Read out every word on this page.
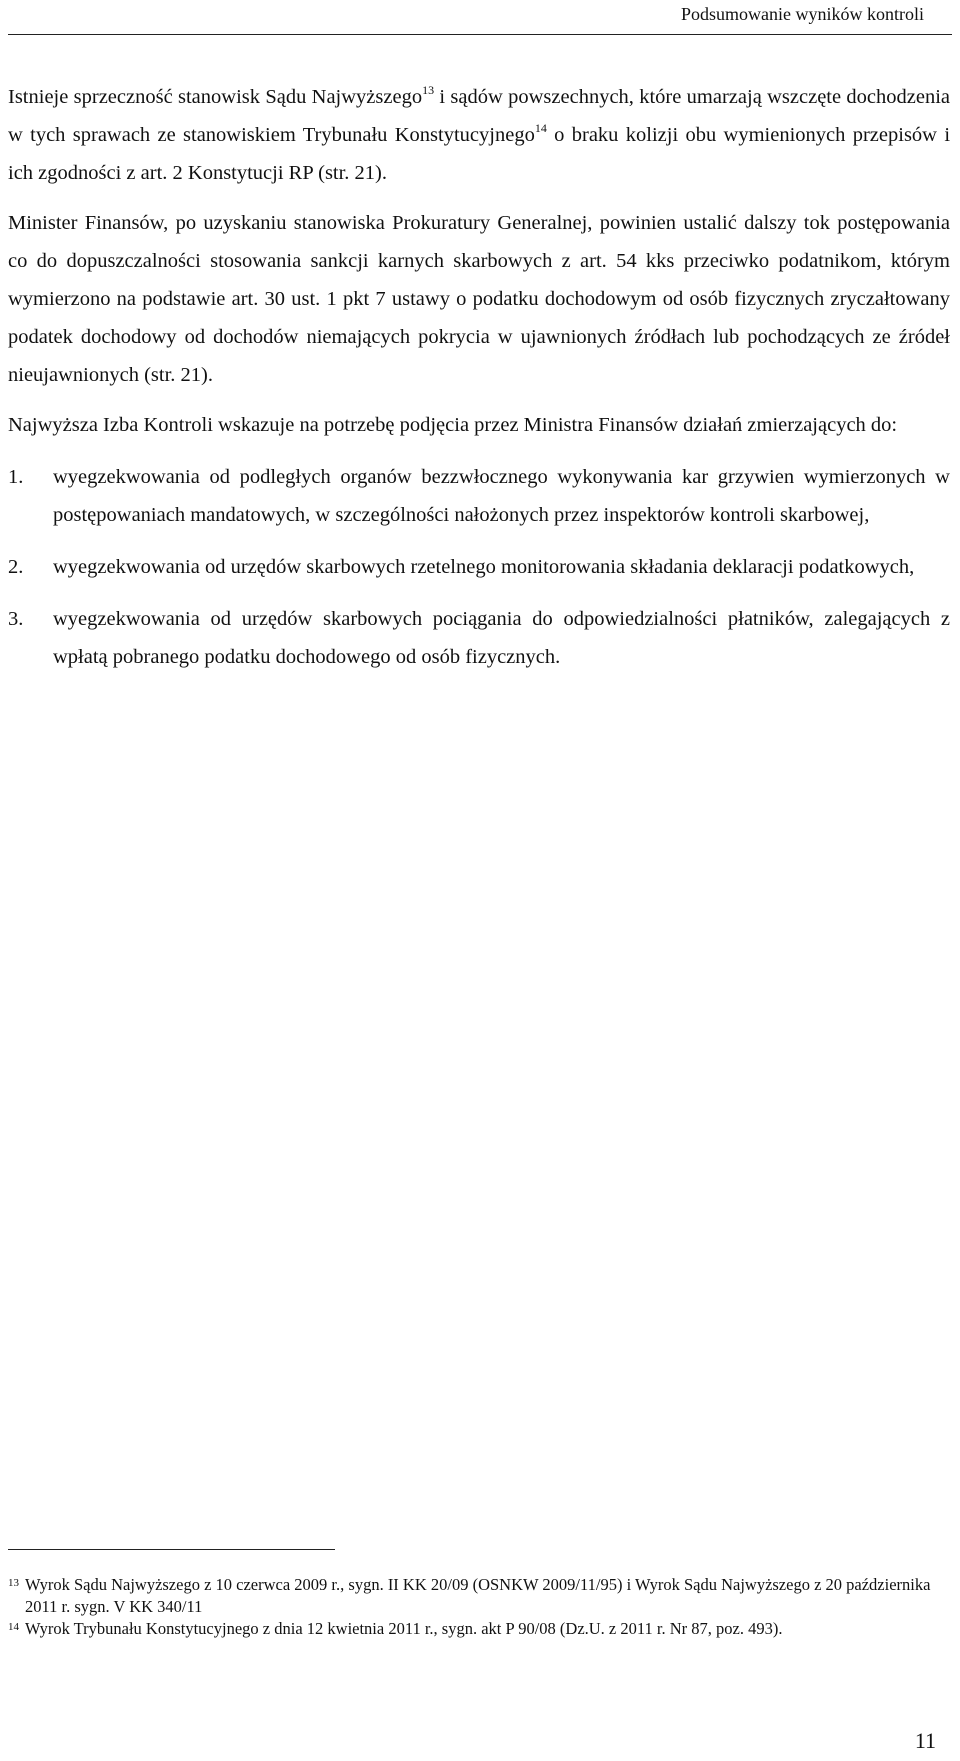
Podsumowanie wyników kontroli

Istnieje sprzeczność stanowisk Sądu Najwyższego$^{13}$ i sądów powszechnych, które umarzają wszczęte dochodzenia w tych sprawach ze stanowiskiem Trybunału Konstytucyjnego$^{14}$ o braku kolizji obu wymienionych przepisów i ich zgodności z art. 2 Konstytucji RP (str. 21).

Minister Finansów, po uzyskaniu stanowiska Prokuratury Generalnej, powinien ustalić dalszy tok postępowania co do dopuszczalności stosowania sankcji karnych skarbowych z art. 54 kks przeciwko podatnikom, którym wymierzono na podstawie art. 30 ust. 1 pkt 7 ustawy o podatku dochodowym od osób fizycznych zryczałtowany podatek dochodowy od dochodów niemających pokrycia w ujawnionych źródłach lub pochodzących ze źródeł nieujawnionych (str. 21).

Najwyższa Izba Kontroli wskazuje na potrzebę podjęcia przez Ministra Finansów działań zmierzających do:

1. wyegzekwowania od podległych organów bezzwłocznego wykonywania kar grzywien wymierzonych w postępowaniach mandatowych, w szczególności nałożonych przez inspektorów kontroli skarbowej,
2. wyegzekwowania od urzędów skarbowych rzetelnego monitorowania składania deklaracji podatkowych,
3. wyegzekwowania od urzędów skarbowych pociągania do odpowiedzialności płatników, zalegających z wpłatą pobranego podatku dochodowego od osób fizycznych.

13 Wyrok Sądu Najwyższego z 10 czerwca 2009 r., sygn. II KK 20/09 (OSNKW 2009/11/95) i Wyrok Sądu Najwyższego z 20 października 2011 r. sygn. V KK 340/11

14 Wyrok Trybunału Konstytucyjnego z dnia 12 kwietnia 2011 r., sygn. akt P 90/08 (Dz.U. z 2011 r. Nr 87, poz. 493).

11
